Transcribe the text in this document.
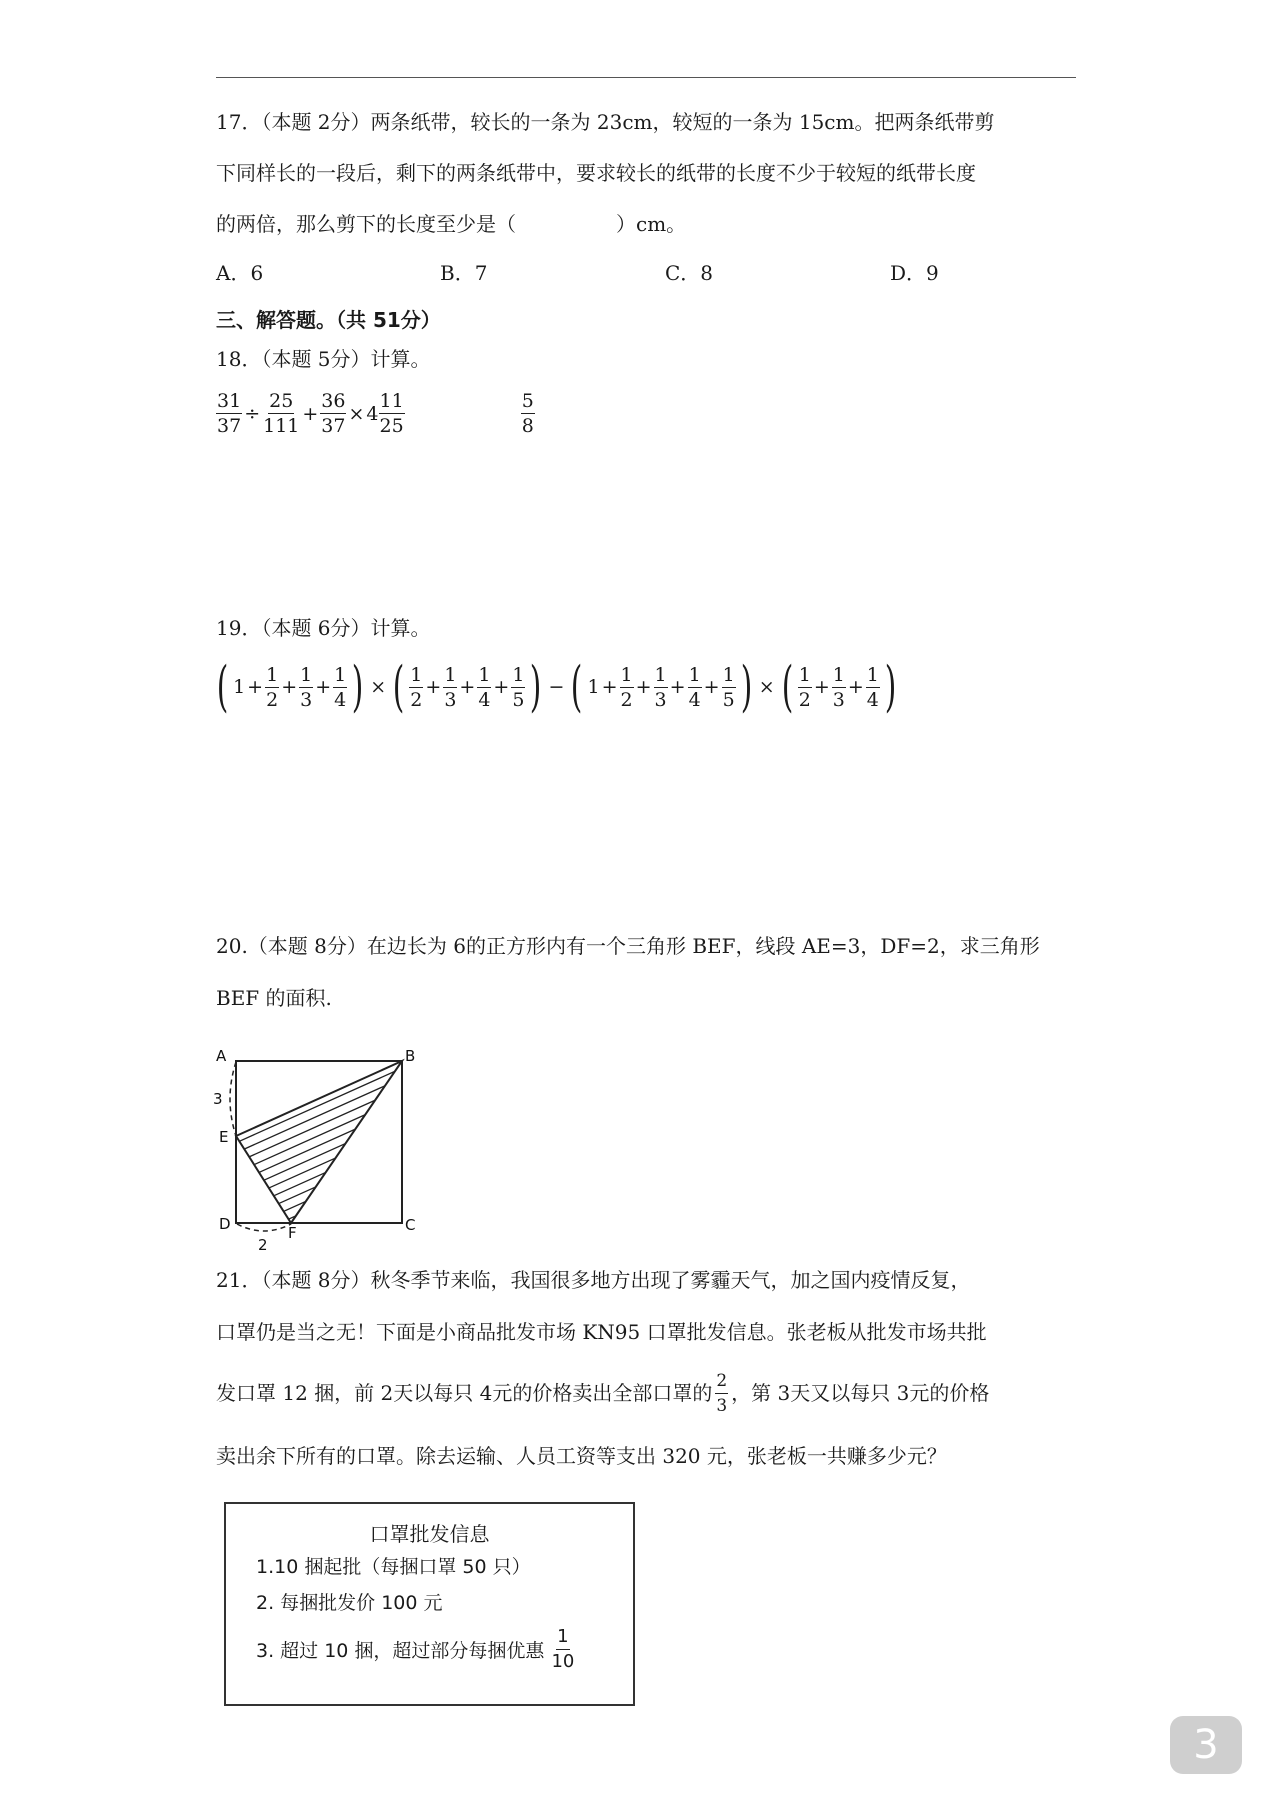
17．（本题 2分）两条纸带，较长的一条为 23cm，较短的一条为 15cm。把两条纸带剪
下同样长的一段后，剩下的两条纸带中，要求较长的纸带的长度不少于较短的纸带长度
的两倍，那么剪下的长度至少是（　　　　　）cm。
A．6	B．7	C．8	D．9
三、解答题。（共 51分）
18．（本题 5分）计算。
$\frac{31}{37} \div \frac{25}{111} + \frac{36}{37} \times 4 \frac{11}{25}$	$\frac{5}{8}$
19．（本题 6分）计算。
( $1 + \frac{1}{2} + \frac{1}{3} + \frac{1}{4}$ ) × ( $\frac{1}{2} + \frac{1}{3} + \frac{1}{4} + \frac{1}{5}$ ) − ( $1 + \frac{1}{2} + \frac{1}{3} + \frac{1}{4} + \frac{1}{5}$ ) × ( $\frac{1}{2} + \frac{1}{3} + \frac{1}{4}$ )
20.（本题 8分）在边长为 6的正方形内有一个三角形 BEF，线段 AE=3，DF=2，求三角形
BEF 的面积.
A	B
C
D
E
F
3
2
21．（本题 8分）秋冬季节来临，我国很多地方出现了雾霾天气，加之国内疫情反复，
口罩仍是当之无！下面是小商品批发市场 KN95 口罩批发信息。张老板从批发市场共批
发口罩 12 捆，前 2天以每只 4元的价格卖出全部口罩的 $\frac{2}{3}$ ，第 3天又以每只 3元的价格
卖出余下所有的口罩。除去运输、人员工资等支出 320 元，张老板一共赚多少元？
口罩批发信息
1.10 捆起批（每捆口罩 50 只）
2. 每捆批发价 100 元
3. 超过 10 捆，超过部分每捆优惠 $\frac{1}{10}$
3
